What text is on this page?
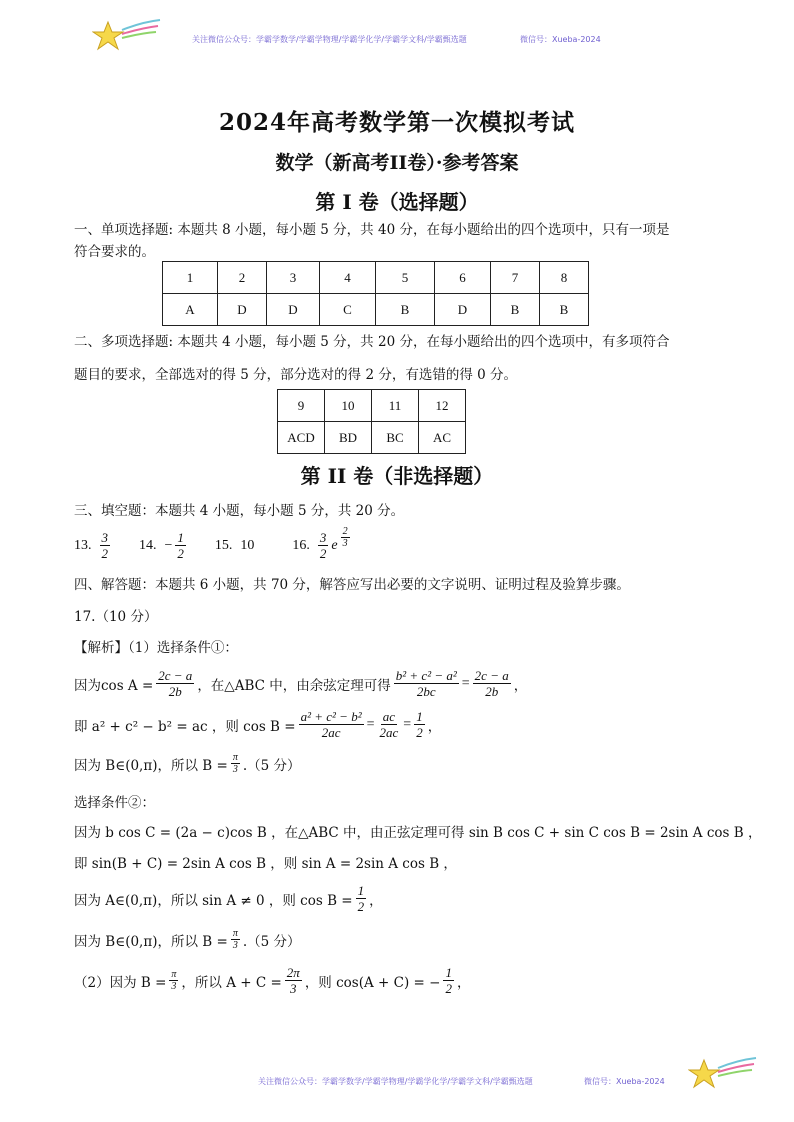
关注微信公众号：学霸学数学/学霸学物理/学霸学化学/学霸学文科/学霸甄选题	微信号：Xueba-2024
2024年高考数学第一次模拟考试
数学（新高考II卷）·参考答案
第 I 卷（选择题）
一、单项选择题: 本题共 8 小题，每小题 5 分，共 40 分，在每小题给出的四个选项中，只有一项是
符合要求的。
1	2	3	4	5	6	7	8
A	D	D	C	B	D	B	B
二、多项选择题: 本题共 4 小题，每小题 5 分，共 20 分，在每小题给出的四个选项中，有多项符合
题目的要求，全部选对的得 5 分，部分选对的得 2 分，有选错的得 0 分。
9	10	11	12
ACD	BD	BC	AC
第 II 卷（非选择题）
三、填空题：本题共 4 小题，每小题 5 分，共 20 分。
13. $\frac{3}{2} 14$. − $\frac{1}{2} 15$. 10	16. $\frac{3}{2}$ e $\frac{2}{3}$
四、解答题：本题共 6 小题，共 70 分，解答应写出必要的文字说明、证明过程及验算步骤。
17.（10 分）
【解析】（1）选择条件①：
因为$\cos A = \frac{2c - a}{2b}$ ，在△ABC 中，由余弦定理可得 $\frac{\text{b² + c² − a²}}{2bc} = \frac{2c - a}{2b}$ ，
即 a² + c² − b² = ac ，则 $\cos B = \frac{\text{a² + c² − b²}}{2ac} = \frac{ac}{2ac} = \frac{1}{2}$ ，
因为 B∈(0,π)，所以 $B = \frac{\pi}{3} .(5$ 分）
选择条件②：
因为 b cos C = (2a − c)cos B ，在△ABC 中，由正弦定理可得 sin B cos C + sin C cos B = 2sin A cos B ，
即 sin(B + C) = 2sin A cos B ，则 sin A = 2sin A cos B ，
因为 A∈(0,π)，所以 sin A ≠ 0 ，则 $\cos B = \frac{1}{2}$ ，
因为 B∈(0,π)，所以 $B = \frac{\pi}{3} .(5$ 分）
（2）因为 $B = \frac{\pi}{3}$ ，所以 $A + C = \frac{2\pi}{3}$ ，则 cos(A + C) = − $\frac{1}{2}$ ，
关注微信公众号：学霸学数学/学霸学物理/学霸学化学/学霸学文科/学霸甄选题	微信号：Xueba-2024
